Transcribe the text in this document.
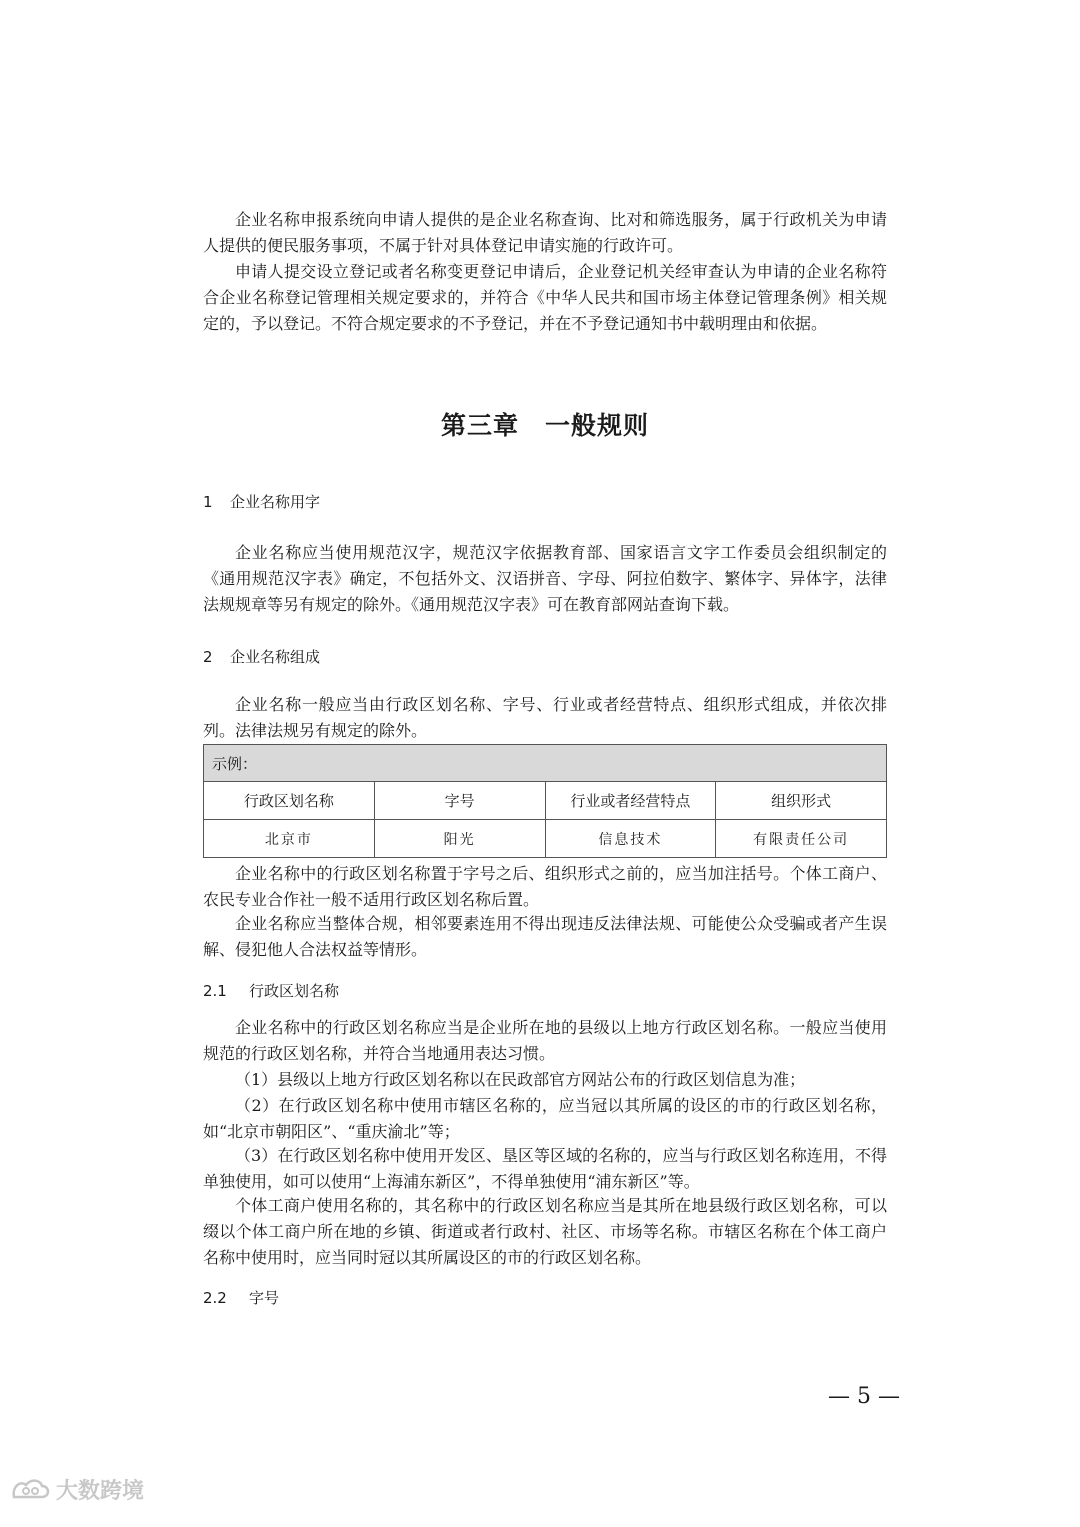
企业名称申报系统向申请人提供的是企业名称查询、比对和筛选服务，属于行政机关为申请人提供的便民服务事项，不属于针对具体登记申请实施的行政许可。

申请人提交设立登记或者名称变更登记申请后，企业登记机关经审查认为申请的企业名称符合企业名称登记管理相关规定要求的，并符合《中华人民共和国市场主体登记管理条例》相关规定的，予以登记。不符合规定要求的不予登记，并在不予登记通知书中载明理由和依据。

第三章　一般规则
1 企业名称用字

企业名称应当使用规范汉字，规范汉字依据教育部、国家语言文字工作委员会组织制定的《通用规范汉字表》确定，不包括外文、汉语拼音、字母、阿拉伯数字、繁体字、异体字，法律法规规章等另有规定的除外。《通用规范汉字表》可在教育部网站查询下载。

2 企业名称组成

企业名称一般应当由行政区划名称、字号、行业或者经营特点、组织形式组成，并依次排列。法律法规另有规定的除外。

示例：			
行政区划名称	字号	行业或者经营特点	组织形式
北京市	阳光	信息技术	有限责任公司

企业名称中的行政区划名称置于字号之后、组织形式之前的，应当加注括号。个体工商户、农民专业合作社一般不适用行政区划名称后置。

企业名称应当整体合规，相邻要素连用不得出现违反法律法规、可能使公众受骗或者产生误解、侵犯他人合法权益等情形。

2.1 行政区划名称

企业名称中的行政区划名称应当是企业所在地的县级以上地方行政区划名称。一般应当使用规范的行政区划名称，并符合当地通用表达习惯。

（1）县级以上地方行政区划名称以在民政部官方网站公布的行政区划信息为准；

（2）在行政区划名称中使用市辖区名称的，应当冠以其所属的设区的市的行政区划名称，如“北京市朝阳区”、“重庆渝北”等；

（3）在行政区划名称中使用开发区、垦区等区域的名称的，应当与行政区划名称连用，不得单独使用，如可以使用“上海浦东新区”，不得单独使用“浦东新区”等。

个体工商户使用名称的，其名称中的行政区划名称应当是其所在地县级行政区划名称，可以缀以个体工商户所在地的乡镇、街道或者行政村、社区、市场等名称。市辖区名称在个体工商户名称中使用时，应当同时冠以其所属设区的市的行政区划名称。

2.2 字号
— 5 —
大数跨境
